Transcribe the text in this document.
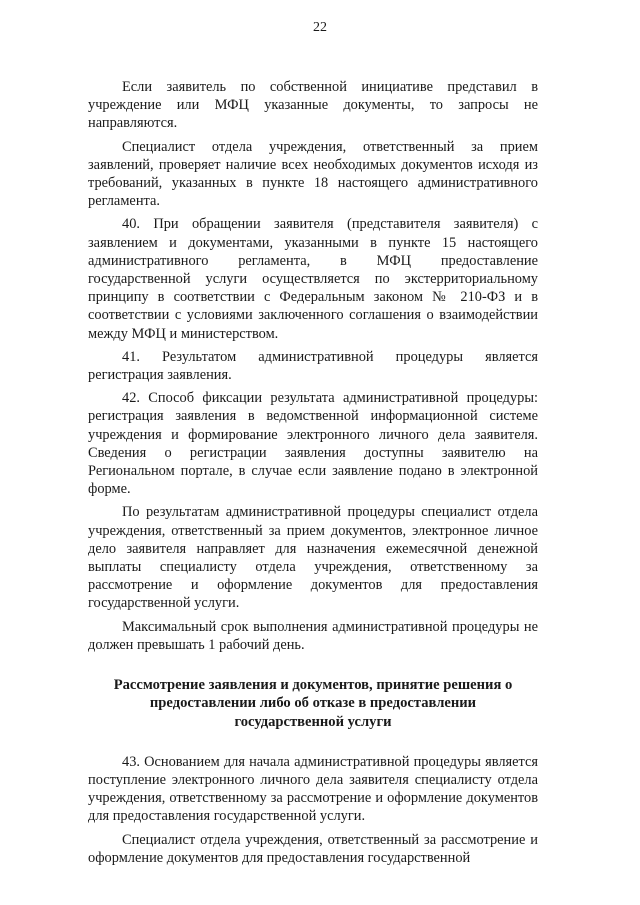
22

Если заявитель по собственной инициативе представил в учреждение или МФЦ указанные документы, то запросы не направляются.

Специалист отдела учреждения, ответственный за прием заявлений, проверяет наличие всех необходимых документов исходя из требований, указанных в пункте 18 настоящего административного регламента.

40. При обращении заявителя (представителя заявителя) с заявлением и документами, указанными в пункте 15 настоящего административного регламента, в МФЦ предоставление государственной услуги осуществляется по экстерриториальному принципу в соответствии с Федеральным законом № 210-ФЗ и в соответствии с условиями заключенного соглашения о взаимодействии между МФЦ и министерством.

41. Результатом административной процедуры является регистрация заявления.

42. Способ фиксации результата административной процедуры: регистрация заявления в ведомственной информационной системе учреждения и формирование электронного личного дела заявителя. Сведения о регистрации заявления доступны заявителю на Региональном портале, в случае если заявление подано в электронной форме.

По результатам административной процедуры специалист отдела учреждения, ответственный за прием документов, электронное личное дело заявителя направляет для назначения ежемесячной денежной выплаты специалисту отдела учреждения, ответственному за рассмотрение и оформление документов для предоставления государственной услуги.

Максимальный срок выполнения административной процедуры не должен превышать 1 рабочий день.

Рассмотрение заявления и документов, принятие решения о предоставлении либо об отказе в предоставлении государственной услуги

43. Основанием для начала административной процедуры является поступление электронного личного дела заявителя специалисту отдела учреждения, ответственному за рассмотрение и оформление документов для предоставления государственной услуги.

Специалист отдела учреждения, ответственный за рассмотрение и оформление документов для предоставления государственной
